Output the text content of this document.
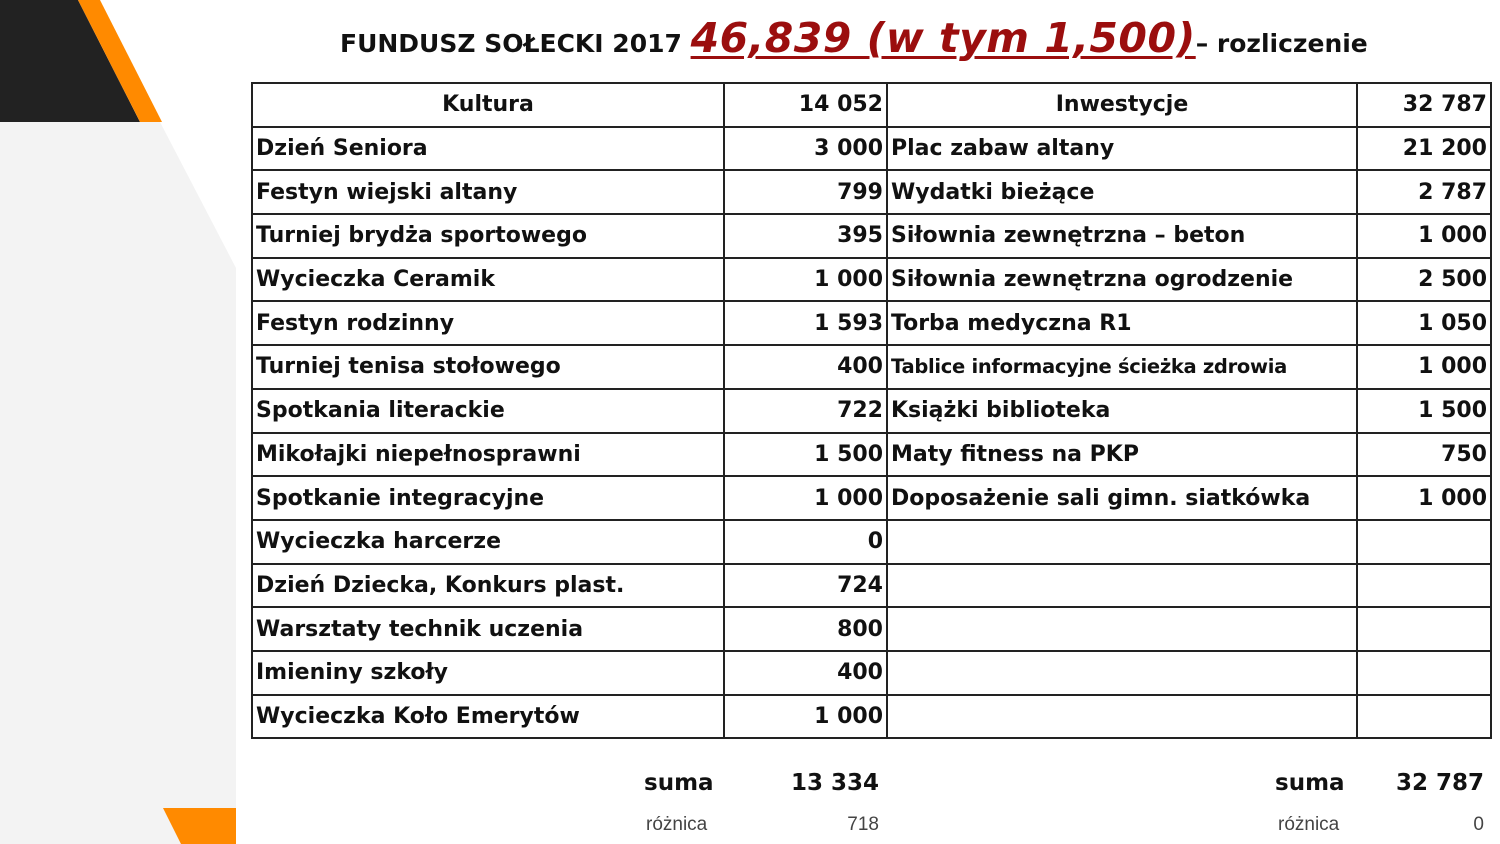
FUNDUSZ SOŁECKI 2017 46,839 (w tym 1,500)– rozliczenie
Kultura	14 052	Inwestycje	32 787
Dzień Seniora	3 000	Plac zabaw altany	21 200
Festyn wiejski altany	799	Wydatki bieżące	2 787
Turniej brydża sportowego	395	Siłownia zewnętrzna – beton	1 000
Wycieczka Ceramik	1 000	Siłownia zewnętrzna ogrodzenie	2 500
Festyn rodzinny	1 593	Torba medyczna R1	1 050
Turniej tenisa stołowego	400	Tablice informacyjne ścieżka zdrowia	1 000
Spotkania literackie	722	Książki biblioteka	1 500
Mikołajki niepełnosprawni	1 500	Maty fitness na PKP	750
Spotkanie integracyjne	1 000	Doposażenie sali gimn. siatkówka	1 000
Wycieczka harcerze	0		
Dzień Dziecka, Konkurs plast.	724		
Warsztaty technik uczenia	800		
Imieniny szkoły	400		
Wycieczka Koło Emerytów	1 000		
suma	13 334
różnica	718
suma	32 787
różnica	0
